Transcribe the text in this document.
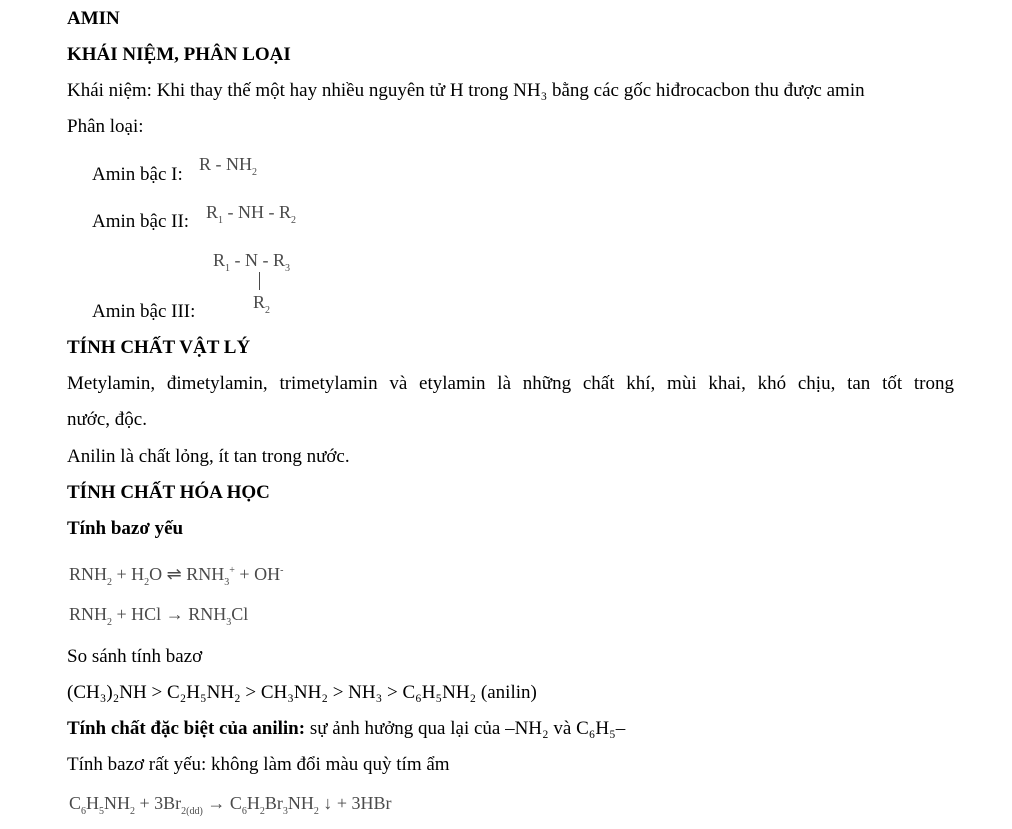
AMIN
KHÁI NIỆM, PHÂN LOẠI
Khái niệm: Khi thay thế một hay nhiều nguyên tử H trong NH₃ bằng các gốc hiđrocacbon thu được amin
Phân loại:
Amin bậc I: R - $NH_2$
Amin bậc II: $R_1$ - NH - $R_2$
$R_1$ - N - $R_3$
$R_2$
Amin bậc III:
TÍNH CHẤT VẬT LÝ
Metylamin, đimetylamin, trimetylamin và etylamin là những chất khí, mùi khai, khó chịu, tan tốt trong
nước, độc.
Anilin là chất lỏng, ít tan trong nước.
TÍNH CHẤT HÓA HỌC
Tính bazơ yếu
$RNH_2 + H_2O$ ⇌ $RNH_3^+ + OH^-$
$RNH_2$ + HCl → $RNH_3Cl$
So sánh tính bazơ
(CH₃)₂NH > C₂H₅NH₂ > CH₃NH₂ > NH₃ > C₆H₅NH₂ (anilin)
Tính chất đặc biệt của anilin: sự ảnh hưởng qua lại của –NH₂ và C₆H₅–
Tính bazơ rất yếu: không làm đổi màu quỳ tím ẩm
$C_6H_5NH_2 + 3Br_{2(dd)} \to C_6H_2Br_3NH_2$ ↓ + 3HBr
